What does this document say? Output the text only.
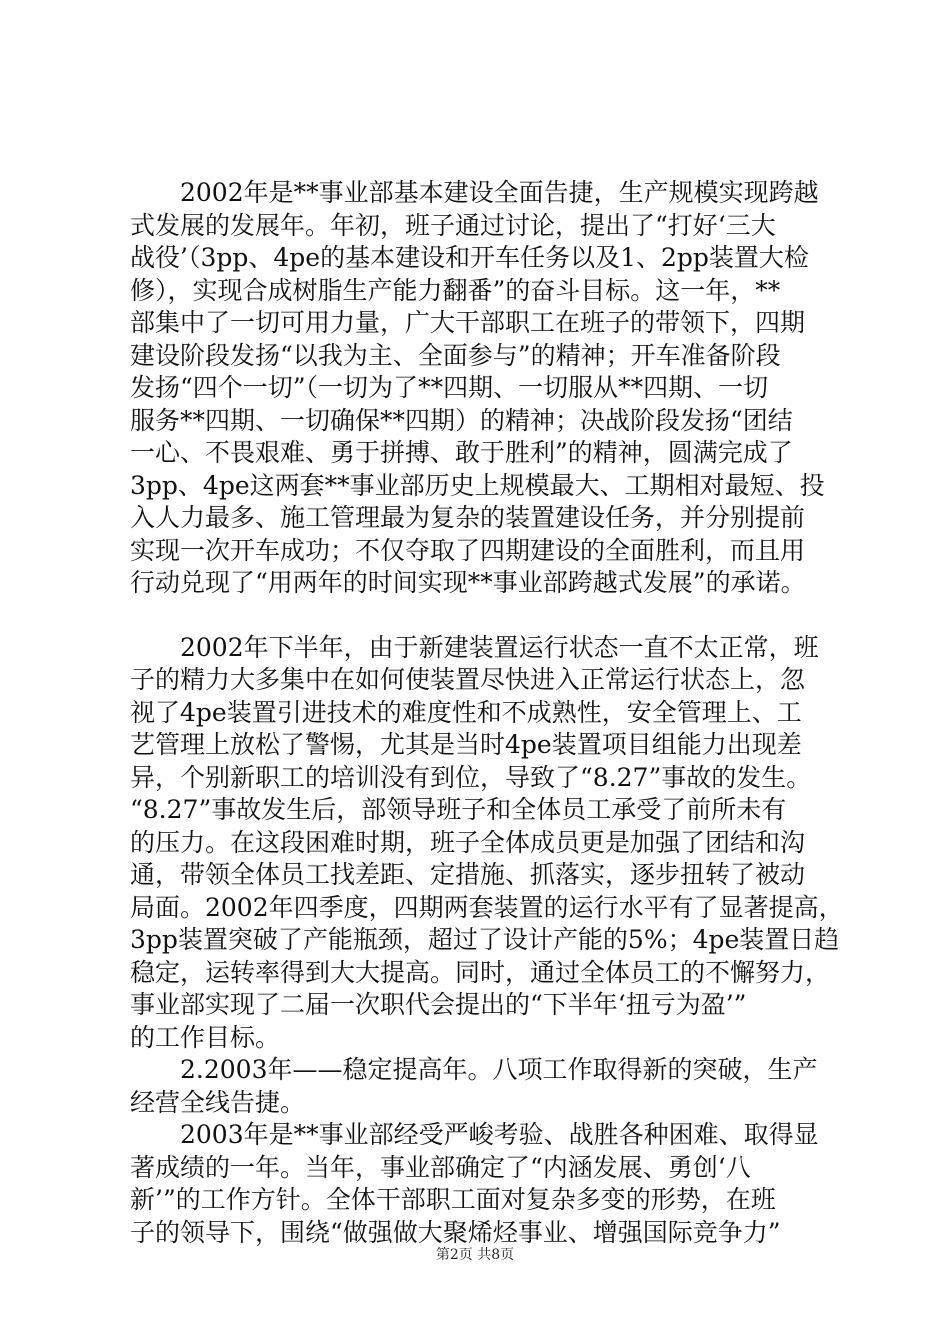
2002年是**事业部基本建设全面告捷，生产规模实现跨越
式发展的发展年。年初，班子通过讨论，提出了“打好‘三大
战役’（3pp、4pe的基本建设和开车任务以及1、2pp装置大检
修），实现合成树脂生产能力翻番”的奋斗目标。这一年，**
部集中了一切可用力量，广大干部职工在班子的带领下，四期
建设阶段发扬“以我为主、全面参与”的精神；开车准备阶段
发扬“四个一切”（一切为了**四期、一切服从**四期、一切
服务**四期、一切确保**四期）的精神；决战阶段发扬“团结
一心、不畏艰难、勇于拼搏、敢于胜利”的精神，圆满完成了
3pp、4pe这两套**事业部历史上规模最大、工期相对最短、投
入人力最多、施工管理最为复杂的装置建设任务，并分别提前
实现一次开车成功；不仅夺取了四期建设的全面胜利，而且用
行动兑现了“用两年的时间实现**事业部跨越式发展”的承诺。
2002年下半年，由于新建装置运行状态一直不太正常，班
子的精力大多集中在如何使装置尽快进入正常运行状态上，忽
视了4pe装置引进技术的难度性和不成熟性，安全管理上、工
艺管理上放松了警惕，尤其是当时4pe装置项目组能力出现差
异，个别新职工的培训没有到位，导致了“8.27”事故的发生。
“8.27”事故发生后，部领导班子和全体员工承受了前所未有
的压力。在这段困难时期，班子全体成员更是加强了团结和沟
通，带领全体员工找差距、定措施、抓落实，逐步扭转了被动
局面。2002年四季度，四期两套装置的运行水平有了显著提高，
3pp装置突破了产能瓶颈，超过了设计产能的5%；4pe装置日趋
稳定，运转率得到大大提高。同时，通过全体员工的不懈努力，
事业部实现了二届一次职代会提出的“下半年‘扭亏为盈’”
的工作目标。
2.2003年——稳定提高年。八项工作取得新的突破，生产
经营全线告捷。
2003年是**事业部经受严峻考验、战胜各种困难、取得显
著成绩的一年。当年，事业部确定了“内涵发展、勇创‘八
新’”的工作方针。全体干部职工面对复杂多变的形势，在班
子的领导下，围绕“做强做大聚烯烃事业、增强国际竞争力”
第2页 共8页
